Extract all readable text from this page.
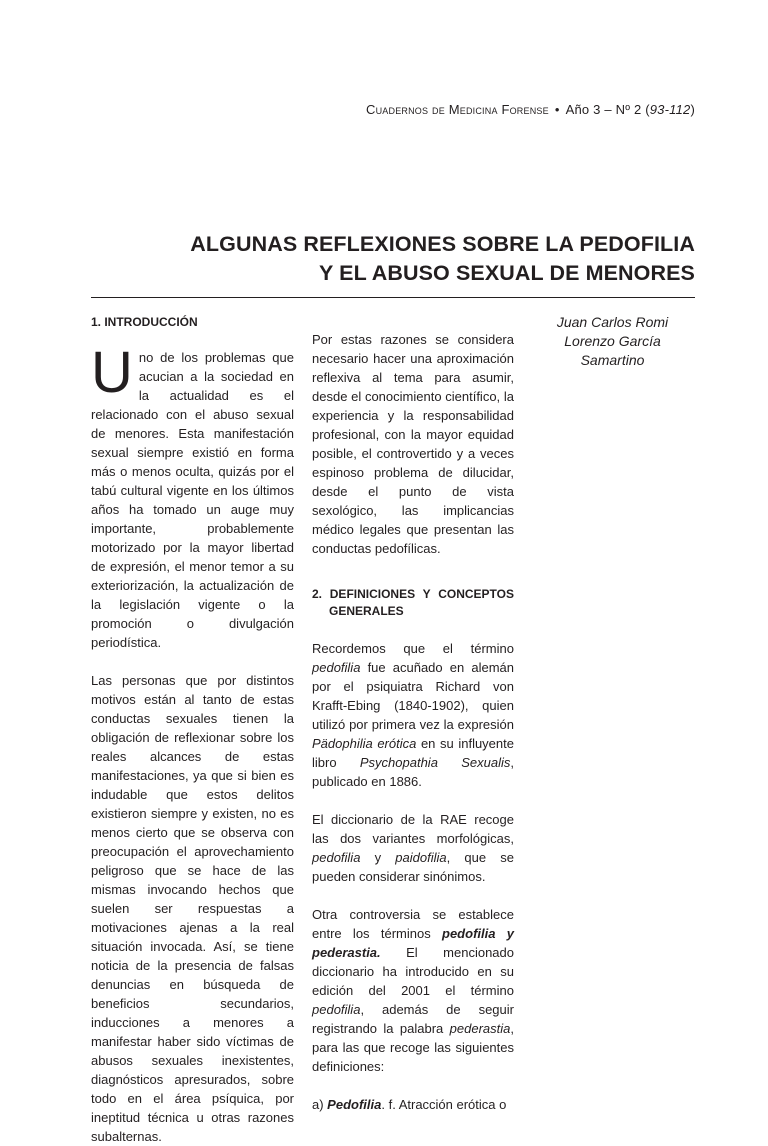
Cuadernos de Medicina Forense • Año 3 – Nº 2 (93-112)
ALGUNAS REFLEXIONES SOBRE LA PEDOFILIA
Y EL ABUSO SEXUAL DE MENORES
1. INTRODUCCIÓN

Uno de los problemas que acucian a la sociedad en la actualidad es el relacionado con el abuso sexual de menores. Esta manifestación sexual siempre existió en forma más o menos oculta, quizás por el tabú cultural vigente en los últimos años ha tomado un auge muy importante, probablemente motorizado por la mayor libertad de expresión, el menor temor a su exteriorización, la actualización de la legislación vigente o la promoción o divulgación periodística.

Las personas que por distintos motivos están al tanto de estas conductas sexuales tienen la obligación de reflexionar sobre los reales alcances de estas manifestaciones, ya que si bien es indudable que estos delitos existieron siempre y existen, no es menos cierto que se observa con preocupación el aprovechamiento peligroso que se hace de las mismas invocando hechos que suelen ser respuestas a motivaciones ajenas a la real situación invocada. Así, se tiene noticia de la presencia de falsas denuncias en búsqueda de beneficios secundarios, inducciones a menores a manifestar haber sido víctimas de abusos sexuales inexistentes, diagnósticos apresurados, sobre todo en el área psíquica, por ineptitud técnica u otras razones subalternas.

Por estas razones se considera necesario hacer una aproximación reflexiva al tema para asumir, desde el conocimiento científico, la experiencia y la responsabilidad profesional, con la mayor equidad posible, el controvertido y a veces espinoso problema de dilucidar, desde el punto de vista sexológico, las implicancias médico legales que presentan las conductas pedofílicas.

2. DEFINICIONES Y CONCEPTOS GENERALES

Recordemos que el término pedofilia fue acuñado en alemán por el psiquiatra Richard von Krafft-Ebing (1840-1902), quien utilizó por primera vez la expresión Pädophilia erótica en su influyente libro Psychopathia Sexualis, publicado en 1886.

El diccionario de la RAE recoge las dos variantes morfológicas, pedofilia y paidofilia, que se pueden considerar sinónimos.

Otra controversia se establece entre los términos pedofilia y pederastia. El mencionado diccionario ha introducido en su edición del 2001 el término pedofilia, además de seguir registrando la palabra pederastia, para las que recoge las siguientes definiciones:

a) Pedofilia. f. Atracción erótica o

Juan Carlos Romi
Lorenzo García
Samartino
